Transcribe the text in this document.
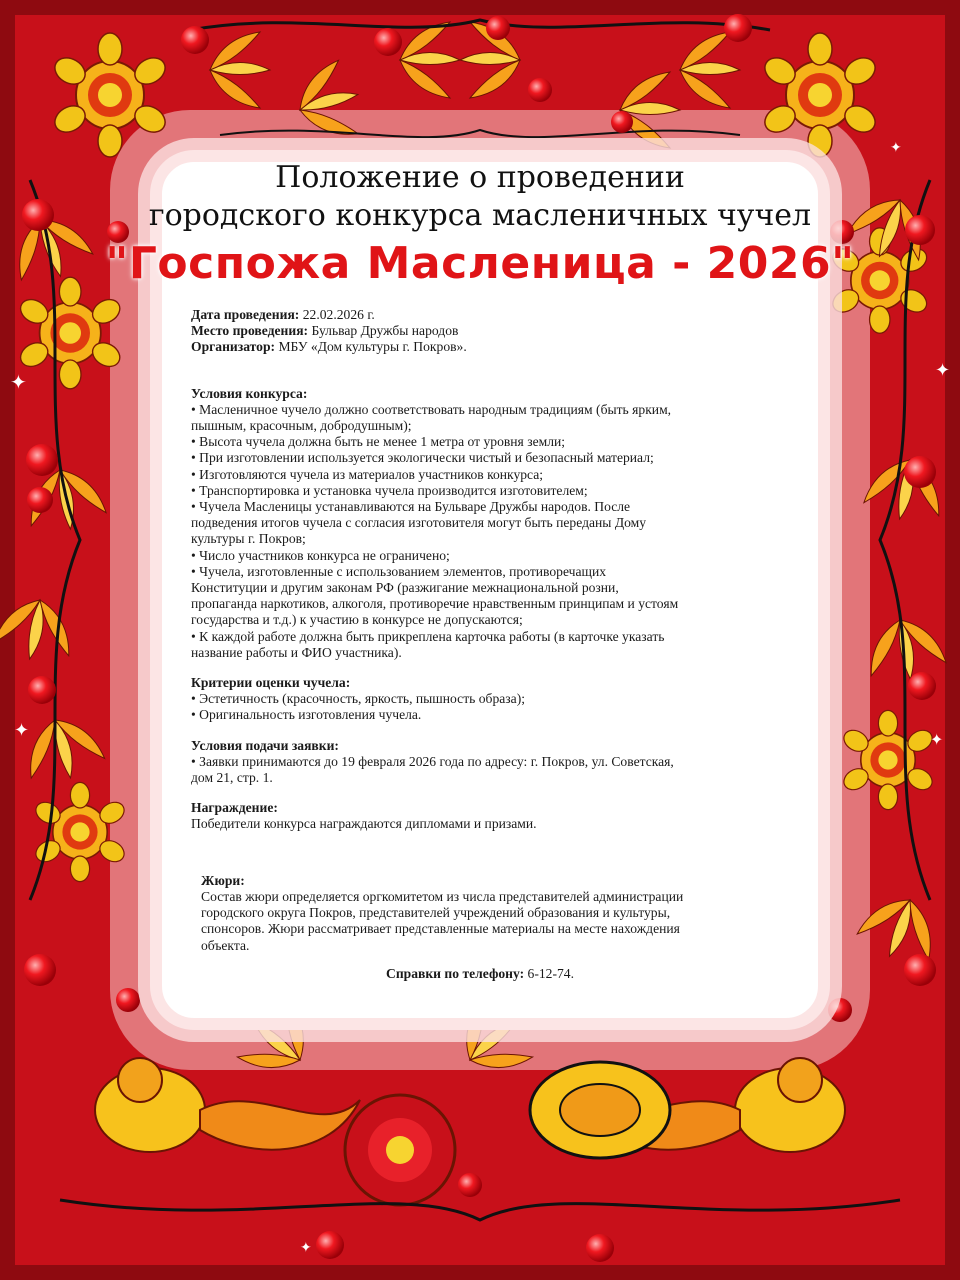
✦
✦
✦
✦
✦
✦
Положение о проведении
городского конкурса масленичных чучел
"Госпожа Масленица - 2026"
Дата проведения: 22.02.2026 г.
Место проведения: Бульвар Дружбы народов
Организатор: МБУ «Дом культуры г. Покров».
Условия конкурса:
• Масленичное чучело должно соответствовать народным традициям (быть ярким,
пышным, красочным, добродушным);
• Высота чучела должна быть не менее 1 метра от уровня земли;
• При изготовлении используется экологически чистый и безопасный материал;
• Изготовляются чучела из материалов участников конкурса;
• Транспортировка и установка чучела производится изготовителем;
• Чучела Масленицы устанавливаются на Бульваре Дружбы народов. После
подведения итогов чучела с согласия изготовителя могут быть переданы Дому
культуры г. Покров;
• Число участников конкурса не ограничено;
• Чучела, изготовленные с использованием элементов, противоречащих
Конституции и другим законам РФ (разжигание межнациональной розни,
пропаганда наркотиков, алкоголя, противоречие нравственным принципам и устоям
государства и т.д.) к участию в конкурсе не допускаются;
• К каждой работе должна быть прикреплена карточка работы (в карточке указать
название работы и ФИО участника).
Критерии оценки чучела:
• Эстетичность (красочность, яркость, пышность образа);
• Оригинальность изготовления чучела.
Условия подачи заявки:
• Заявки принимаются до 19 февраля 2026 года по адресу: г. Покров, ул. Советская,
дом 21, стр. 1.
Награждение:
Победители конкурса награждаются дипломами и призами.
Жюри:
Состав жюри определяется оргкомитетом из числа представителей администрации
городского округа Покров, представителей учреждений образования и культуры,
спонсоров. Жюри рассматривает представленные материалы на месте нахождения
объекта.
Справки по телефону: 6-12-74.
